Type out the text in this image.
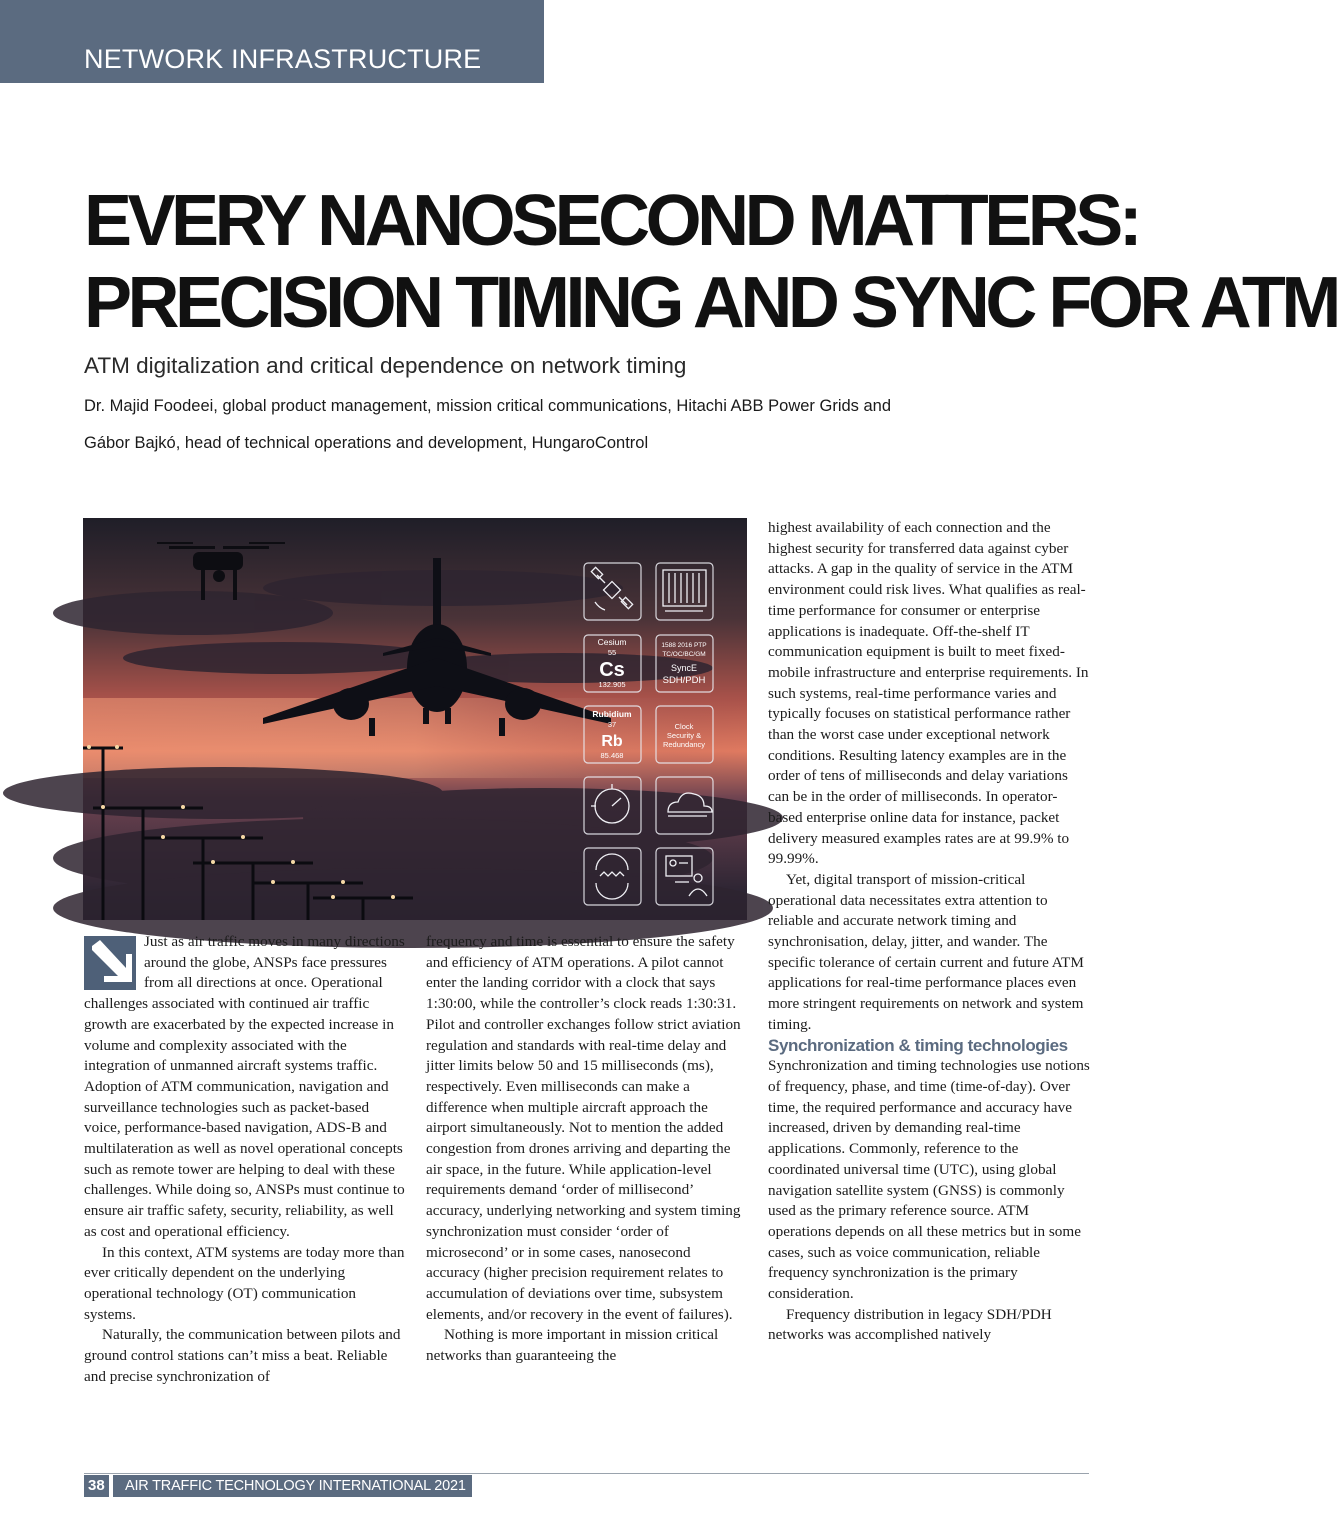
NETWORK INFRASTRUCTURE
EVERY NANOSECOND MATTERS:
PRECISION TIMING AND SYNC FOR ATM

ATM digitalization and critical dependence on network timing

Dr. Majid Foodeei, global product management, mission critical communications, Hitachi ABB Power Grids and

Gábor Bajkó, head of technical operations and development, HungaroControl

Cesium
55
Cs
132.905
1588 2016 PTP
TC/OC/BC/GM
SyncE
SDH/PDH
Rubidium
37
Rb
85.468
Clock
Security &
Redundancy

Just as air traffic moves in many directions around the globe, ANSPs face pressures from all directions at once. Operational challenges associated with continued air traffic growth are exacerbated by the expected increase in volume and complexity associated with the integration of unmanned aircraft systems traffic. Adoption of ATM communication, navigation and surveillance technologies such as packet-based voice, performance-based navigation, ADS-B and multilateration as well as novel operational concepts such as remote tower are helping to deal with these challenges. While doing so, ANSPs must continue to ensure air traffic safety, security, reliability, as well as cost and operational efficiency.

In this context, ATM systems are today more than ever critically dependent on the underlying operational technology (OT) communication systems.

Naturally, the communication between pilots and ground control stations can’t miss a beat. Reliable and precise synchronization of

frequency and time is essential to ensure the safety and efficiency of ATM operations. A pilot cannot enter the landing corridor with a clock that says 1:30:00, while the controller’s clock reads 1:30:31. Pilot and controller exchanges follow strict aviation regulation and standards with real-time delay and jitter limits below 50 and 15 milliseconds (ms), respectively. Even milliseconds can make a difference when multiple aircraft approach the airport simultaneously. Not to mention the added congestion from drones arriving and departing the air space, in the future. While application-level requirements demand ‘order of millisecond’ accuracy, underlying networking and system timing synchronization must consider ‘order of microsecond’ or in some cases, nanosecond accuracy (higher precision requirement relates to accumulation of deviations over time, subsystem elements, and/or recovery in the event of failures).

Nothing is more important in mission critical networks than guaranteeing the

highest availability of each connection and the highest security for transferred data against cyber attacks. A gap in the quality of service in the ATM environment could risk lives. What qualifies as real-time performance for consumer or enterprise applications is inadequate. Off-the-shelf IT communication equipment is built to meet fixed-mobile infrastructure and enterprise requirements. In such systems, real-time performance varies and typically focuses on statistical performance rather than the worst case under exceptional network conditions. Resulting latency examples are in the order of tens of milliseconds and delay variations can be in the order of milliseconds. In operator-based enterprise online data for instance, packet delivery measured examples rates are at 99.9% to 99.99%.

Yet, digital transport of mission-critical operational data necessitates extra attention to reliable and accurate network timing and synchronisation, delay, jitter, and wander. The specific tolerance of certain current and future ATM applications for real-time performance places even more stringent requirements on network and system timing.

Synchronization & timing technologies

Synchronization and timing technologies use notions of frequency, phase, and time (time-of-day). Over time, the required performance and accuracy have increased, driven by demanding real-time applications. Commonly, reference to the coordinated universal time (UTC), using global navigation satellite system (GNSS) is commonly used as the primary reference source. ATM operations depends on all these metrics but in some cases, such as voice communication, reliable frequency synchronization is the primary consideration.

Frequency distribution in legacy SDH/PDH networks was accomplished natively

38	AIR TRAFFIC TECHNOLOGY INTERNATIONAL 2021
